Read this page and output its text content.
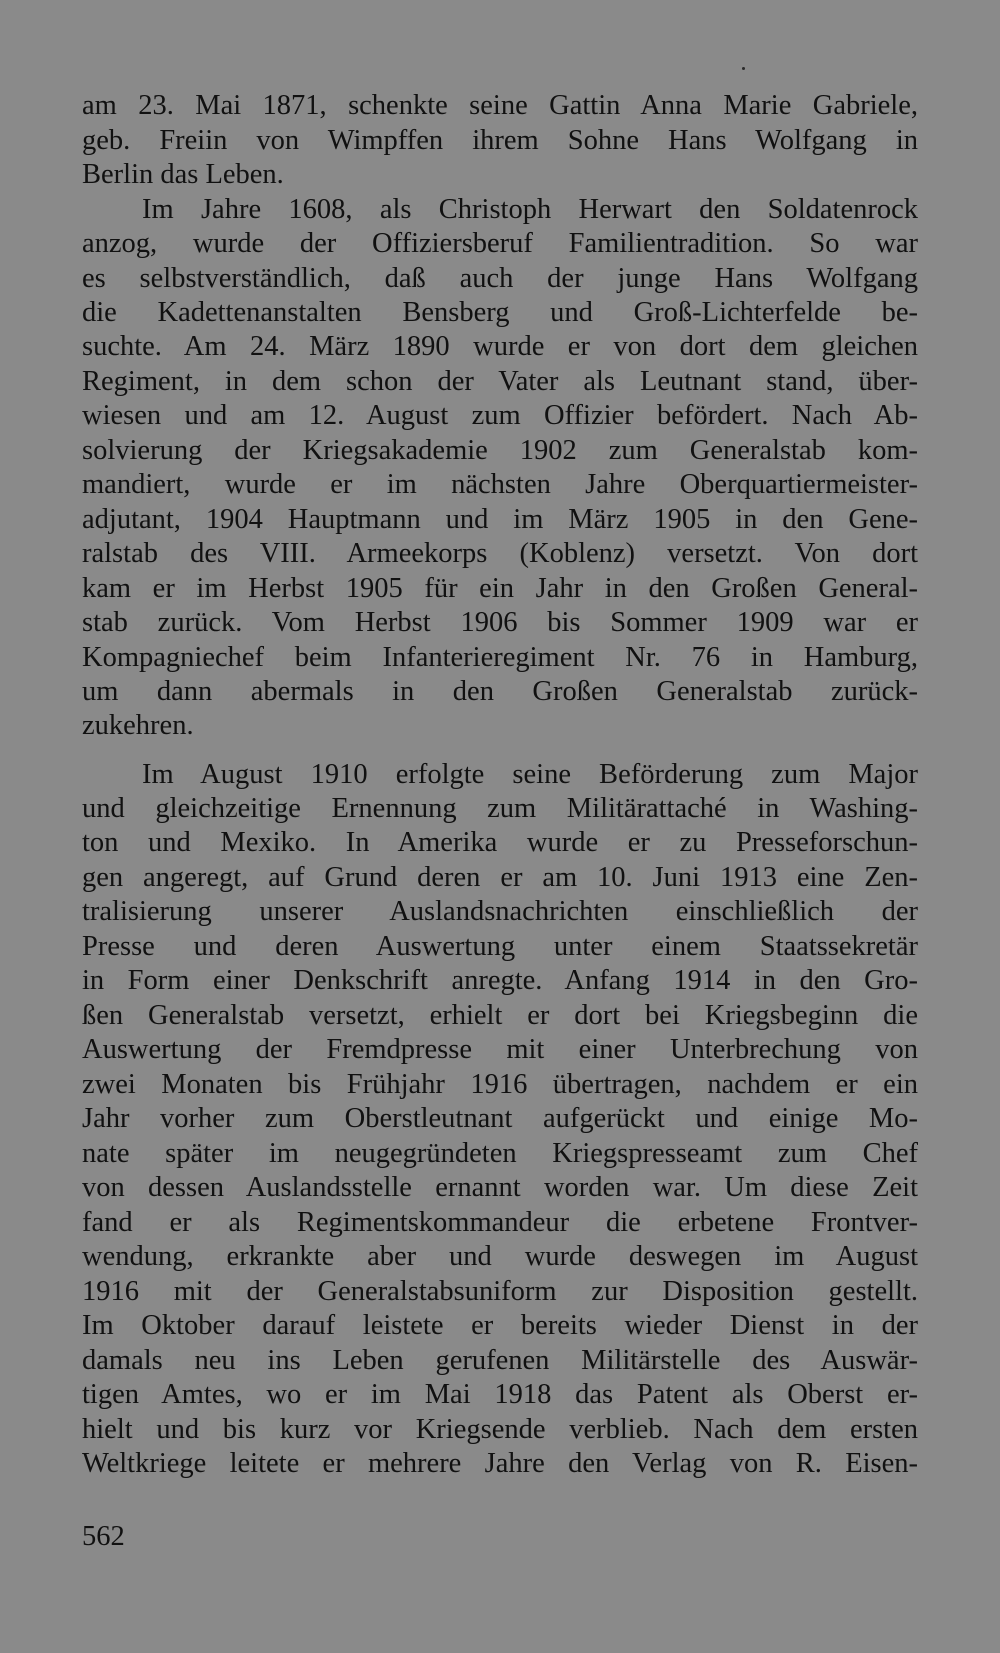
am 23. Mai 1871, schenkte seine Gattin Anna Marie Gabriele,
geb. Freiin von Wimpffen ihrem Sohne Hans Wolfgang in
Berlin das Leben.
Im Jahre 1608, als Christoph Herwart den Soldatenrock
anzog, wurde der Offiziersberuf Familientradition. So war
es selbstverständlich, daß auch der junge Hans Wolfgang
die Kadettenanstalten Bensberg und Groß-Lichterfelde be-
suchte. Am 24. März 1890 wurde er von dort dem gleichen
Regiment, in dem schon der Vater als Leutnant stand, über-
wiesen und am 12. August zum Offizier befördert. Nach Ab-
solvierung der Kriegsakademie 1902 zum Generalstab kom-
mandiert, wurde er im nächsten Jahre Oberquartiermeister-
adjutant, 1904 Hauptmann und im März 1905 in den Gene-
ralstab des VIII. Armeekorps (Koblenz) versetzt. Von dort
kam er im Herbst 1905 für ein Jahr in den Großen General-
stab zurück. Vom Herbst 1906 bis Sommer 1909 war er
Kompagniechef beim Infanterieregiment Nr. 76 in Hamburg,
um dann abermals in den Großen Generalstab zurück-
zukehren.
Im August 1910 erfolgte seine Beförderung zum Major
und gleichzeitige Ernennung zum Militärattaché in Washing-
ton und Mexiko. In Amerika wurde er zu Presseforschun-
gen angeregt, auf Grund deren er am 10. Juni 1913 eine Zen-
tralisierung unserer Auslandsnachrichten einschließlich der
Presse und deren Auswertung unter einem Staatssekretär
in Form einer Denkschrift anregte. Anfang 1914 in den Gro-
ßen Generalstab versetzt, erhielt er dort bei Kriegsbeginn die
Auswertung der Fremdpresse mit einer Unterbrechung von
zwei Monaten bis Frühjahr 1916 übertragen, nachdem er ein
Jahr vorher zum Oberstleutnant aufgerückt und einige Mo-
nate später im neugegründeten Kriegspresseamt zum Chef
von dessen Auslandsstelle ernannt worden war. Um diese Zeit
fand er als Regimentskommandeur die erbetene Frontver-
wendung, erkrankte aber und wurde deswegen im August
1916 mit der Generalstabsuniform zur Disposition gestellt.
Im Oktober darauf leistete er bereits wieder Dienst in der
damals neu ins Leben gerufenen Militärstelle des Auswär-
tigen Amtes, wo er im Mai 1918 das Patent als Oberst er-
hielt und bis kurz vor Kriegsende verblieb. Nach dem ersten
Weltkriege leitete er mehrere Jahre den Verlag von R. Eisen-
562
